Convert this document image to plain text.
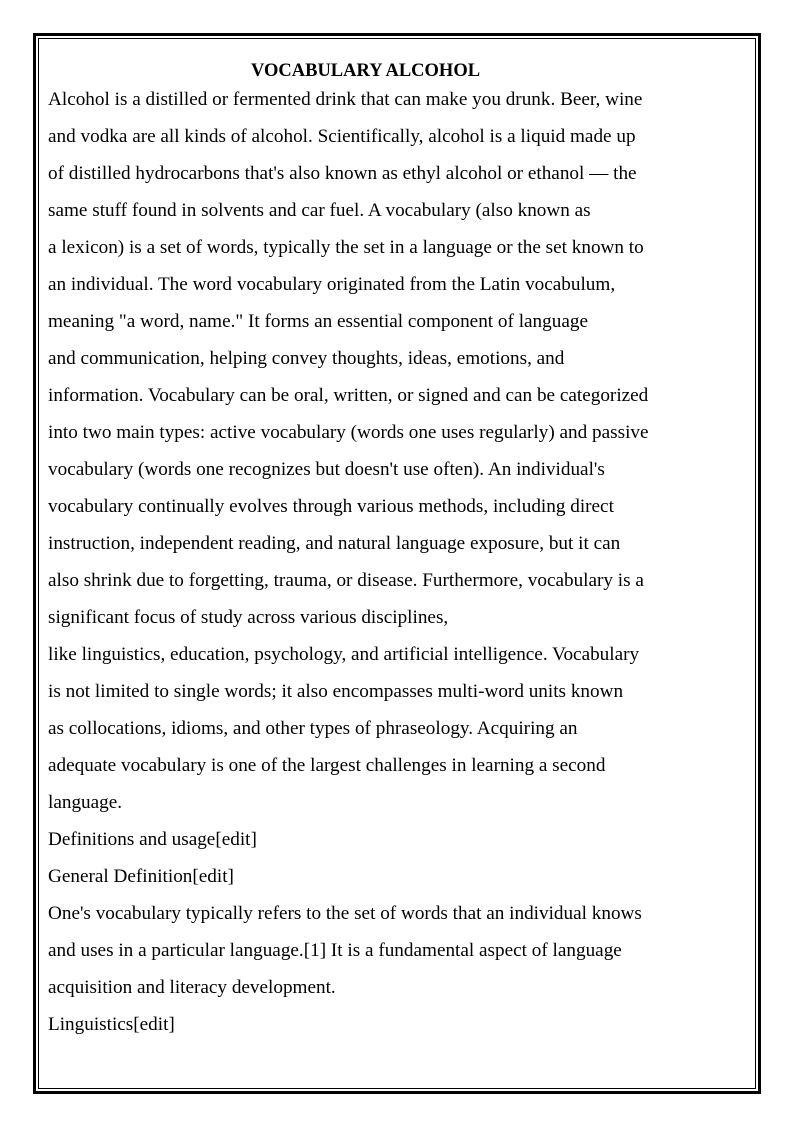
VOCABULARY ALCOHOL
Alcohol is a distilled or fermented drink that can make you drunk. Beer, wine
and vodka are all kinds of alcohol. Scientifically, alcohol is a liquid made up
of distilled hydrocarbons that's also known as ethyl alcohol or ethanol — the
same stuff found in solvents and car fuel. A vocabulary (also known as
a lexicon) is a set of words, typically the set in a language or the set known to
an individual. The word vocabulary originated from the Latin vocabulum,
meaning "a word, name." It forms an essential component of language
and communication, helping convey thoughts, ideas, emotions, and
information. Vocabulary can be oral, written, or signed and can be categorized
into two main types: active vocabulary (words one uses regularly) and passive
vocabulary (words one recognizes but doesn't use often). An individual's
vocabulary continually evolves through various methods, including direct
instruction, independent reading, and natural language exposure, but it can
also shrink due to forgetting, trauma, or disease. Furthermore, vocabulary is a
significant focus of study across various disciplines,
like linguistics, education, psychology, and artificial intelligence. Vocabulary
is not limited to single words; it also encompasses multi-word units known
as collocations, idioms, and other types of phraseology. Acquiring an
adequate vocabulary is one of the largest challenges in learning a second
language.
Definitions and usage[edit]
General Definition[edit]
One's vocabulary typically refers to the set of words that an individual knows
and uses in a particular language.[1] It is a fundamental aspect of language
acquisition and literacy development.
Linguistics[edit]
